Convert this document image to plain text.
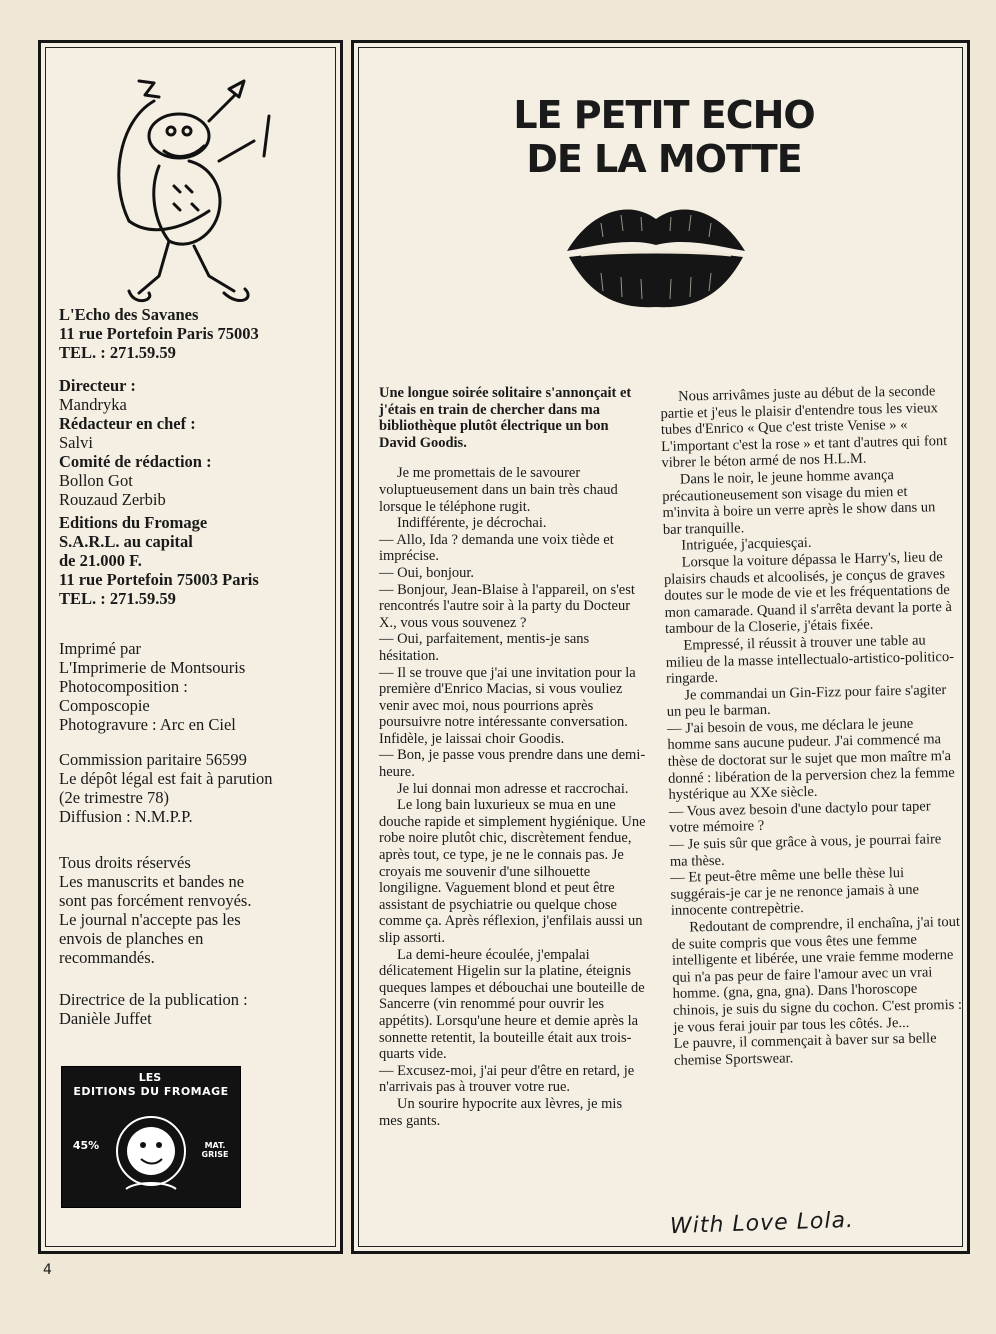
L'Echo des Savanes
11 rue Portefoin Paris 75003
TEL. : 271.59.59
Directeur :
Mandryka
Rédacteur en chef :
Salvi
Comité de rédaction :
Bollon Got
Rouzaud Zerbib
Editions du Fromage
S.A.R.L. au capital
de 21.000 F.
11 rue Portefoin 75003 Paris
TEL. : 271.59.59
Imprimé par
L'Imprimerie de Montsouris
Photocomposition :
Composcopie
Photogravure : Arc en Ciel
Commission paritaire 56599
Le dépôt légal est fait à parution
(2e trimestre 78)
Diffusion : N.M.P.P.
Tous droits réservés
Les manuscrits et bandes ne
sont pas forcément renvoyés.
Le journal n'accepte pas les
envois de planches en
recommandés.
Directrice de la publication :
Danièle Juffet
LES
EDITIONS DU FROMAGE
45%	MAT. GRISE
LE PETIT ECHO
DE LA MOTTE
Une longue soirée solitaire s'annonçait et j'étais en train de chercher dans ma bibliothèque plutôt électrique un bon David Goodis.
Je me promettais de le savourer voluptueusement dans un bain très chaud lorsque le téléphone rugit.
Indifférente, je décrochai.
— Allo, Ida ? demanda une voix tiède et imprécise.
— Oui, bonjour.
— Bonjour, Jean-Blaise à l'appareil, on s'est rencontrés l'autre soir à la party du Docteur X., vous vous souvenez ?
— Oui, parfaitement, mentis-je sans hésitation.
— Il se trouve que j'ai une invitation pour la première d'Enrico Macias, si vous vouliez venir avec moi, nous pourrions après poursuivre notre intéressante conversation.
Infidèle, je laissai choir Goodis.
— Bon, je passe vous prendre dans une demi-heure.
Je lui donnai mon adresse et raccrochai.
Le long bain luxurieux se mua en une douche rapide et simplement hygiénique. Une robe noire plutôt chic, discrètement fendue, après tout, ce type, je ne le connais pas. Je croyais me souvenir d'une silhouette longiligne. Vaguement blond et peut être assistant de psychiatrie ou quelque chose comme ça. Après réflexion, j'enfilais aussi un slip assorti.
La demi-heure écoulée, j'empalai délicatement Higelin sur la platine, éteignis queques lampes et débouchai une bouteille de Sancerre (vin renommé pour ouvrir les appétits). Lorsqu'une heure et demie après la sonnette retentit, la bouteille était aux trois-quarts vide.
— Excusez-moi, j'ai peur d'être en retard, je n'arrivais pas à trouver votre rue.
Un sourire hypocrite aux lèvres, je mis mes gants.
Nous arrivâmes juste au début de la seconde partie et j'eus le plaisir d'entendre tous les vieux tubes d'Enrico « Que c'est triste Venise » « L'important c'est la rose » et tant d'autres qui font vibrer le béton armé de nos H.L.M.
Dans le noir, le jeune homme avança précautioneusement son visage du mien et m'invita à boire un verre après le show dans un bar tranquille.
Intriguée, j'acquiesçai.
Lorsque la voiture dépassa le Harry's, lieu de plaisirs chauds et alcoolisés, je conçus de graves doutes sur le mode de vie et les fréquentations de mon camarade. Quand il s'arrêta devant la porte à tambour de la Closerie, j'étais fixée.
Empressé, il réussit à trouver une table au milieu de la masse intellectualo-artistico-politico-ringarde.
Je commandai un Gin-Fizz pour faire s'agiter un peu le barman.
— J'ai besoin de vous, me déclara le jeune homme sans aucune pudeur. J'ai commencé ma thèse de doctorat sur le sujet que mon maître m'a donné : libération de la perversion chez la femme hystérique au XXe siècle.
— Vous avez besoin d'une dactylo pour taper votre mémoire ?
— Je suis sûr que grâce à vous, je pourrai faire ma thèse.
— Et peut-être même une belle thèse lui suggérais-je car je ne renonce jamais à une innocente contrepètrie.
Redoutant de comprendre, il enchaîna, j'ai tout de suite compris que vous êtes une femme intelligente et libérée, une vraie femme moderne qui n'a pas peur de faire l'amour avec un vrai homme. (gna, gna, gna). Dans l'horoscope chinois, je suis du signe du cochon. C'est promis : je vous ferai jouir par tous les côtés. Je...
Le pauvre, il commençait à baver sur sa belle chemise Sportswear.
With Love Lola.
4
